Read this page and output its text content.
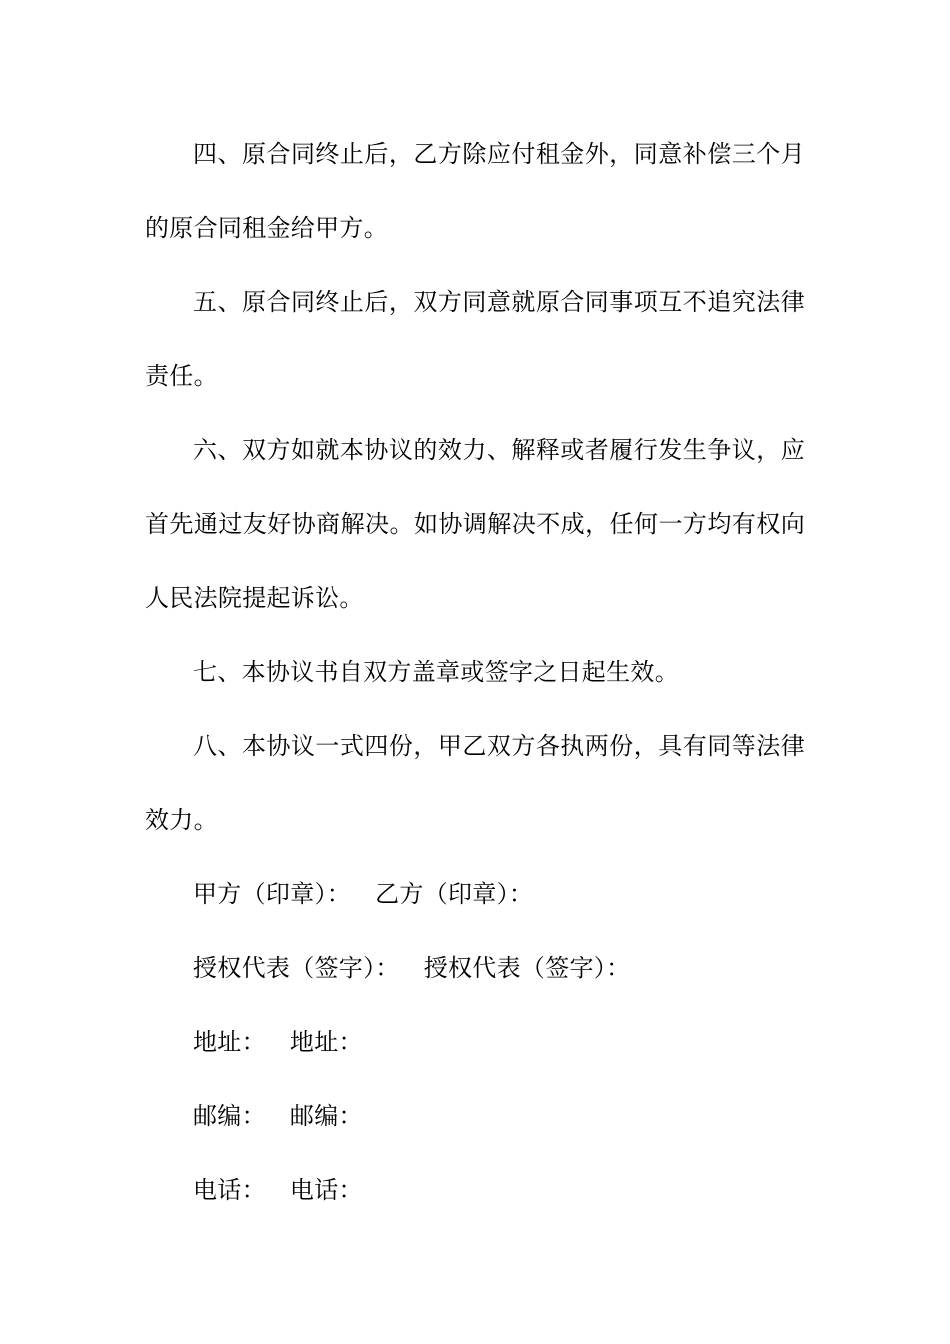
四、原合同终止后，乙方除应付租金外，同意补偿三个月的原合同租金给甲方。

五、原合同终止后，双方同意就原合同事项互不追究法律责任。

六、双方如就本协议的效力、解释或者履行发生争议，应首先通过友好协商解决。如协调解决不成，任何一方均有权向人民法院提起诉讼。

七、本协议书自双方盖章或签字之日起生效。

八、本协议一式四份，甲乙双方各执两份，具有同等法律效力。

甲方（印章）： 乙方（印章）：

授权代表（签字）： 授权代表（签字）：

地址： 地址：

邮编： 邮编：

电话： 电话：
